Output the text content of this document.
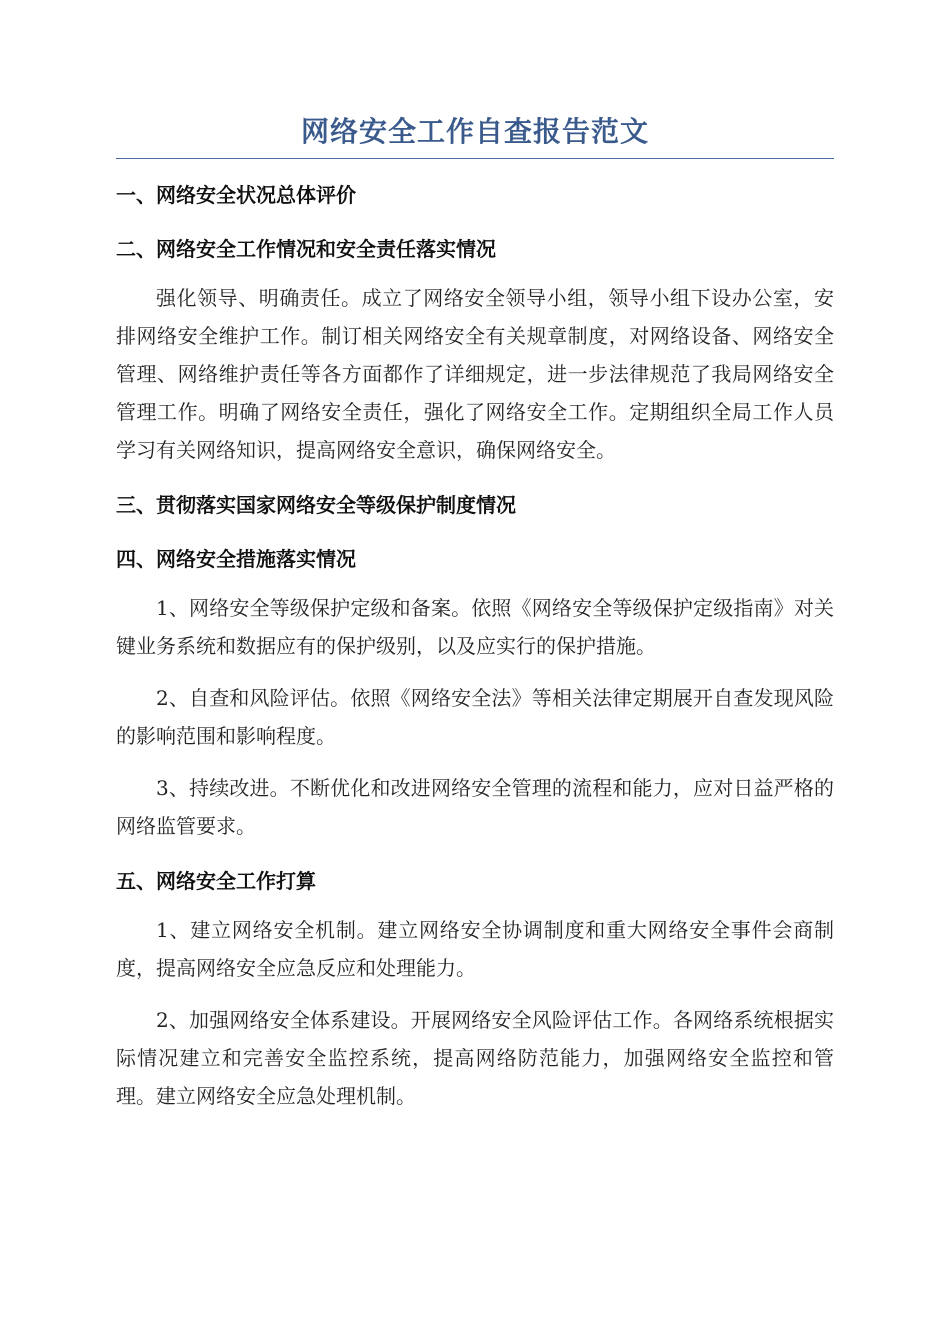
网络安全工作自查报告范文
一、网络安全状况总体评价
二、网络安全工作情况和安全责任落实情况

强化领导、明确责任。成立了网络安全领导小组，领导小组下设办公室，安排网络安全维护工作。制订相关网络安全有关规章制度，对网络设备、网络安全管理、网络维护责任等各方面都作了详细规定，进一步法律规范了我局网络安全管理工作。明确了网络安全责任，强化了网络安全工作。定期组织全局工作人员学习有关网络知识，提高网络安全意识，确保网络安全。

三、贯彻落实国家网络安全等级保护制度情况
四、网络安全措施落实情况

1、网络安全等级保护定级和备案。依照《网络安全等级保护定级指南》对关键业务系统和数据应有的保护级别，以及应实行的保护措施。

2、自查和风险评估。依照《网络安全法》等相关法律定期展开自查发现风险的影响范围和影响程度。

3、持续改进。不断优化和改进网络安全管理的流程和能力，应对日益严格的网络监管要求。

五、网络安全工作打算

1、建立网络安全机制。建立网络安全协调制度和重大网络安全事件会商制度，提高网络安全应急反应和处理能力。

2、加强网络安全体系建设。开展网络安全风险评估工作。各网络系统根据实际情况建立和完善安全监控系统，提高网络防范能力，加强网络安全监控和管理。建立网络安全应急处理机制。
